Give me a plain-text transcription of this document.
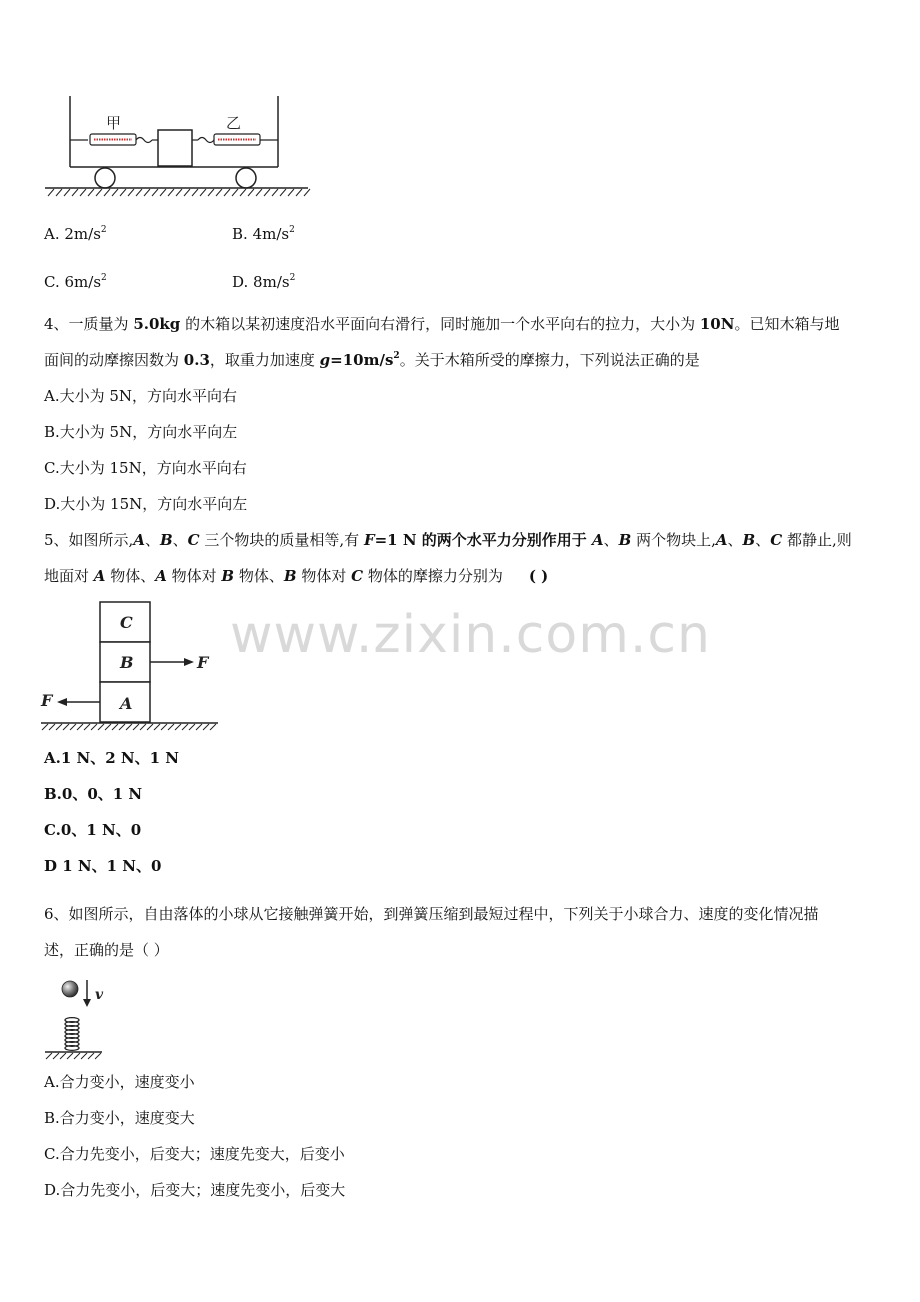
www.zixin.com.cn
甲	乙
A. $2m/s^2$	B. $4m/s^2$
C. $6m/s^2$	D. $8m/s^2$
4、一质量为 5.0kg 的木箱以某初速度沿水平面向右滑行，同时施加一个水平向右的拉力，大小为 10N。已知木箱与地
面间的动摩擦因数为 0.3，取重力加速度 $g=10m/s^2$。关于木箱所受的摩擦力，下列说法正确的是
A.大小为 5N，方向水平向右
B.大小为 5N，方向水平向左
C.大小为 15N，方向水平向右
D.大小为 15N，方向水平向左
5、如图所示,A、B、C 三个物块的质量相等,有 F=1 N 的两个水平力分别作用于 A、B 两个物块上,A、B、C 都静止,则
地面对 A 物体、A 物体对 B 物体、B 物体对 C 物体的摩擦力分别为 ( )
C
B
A
F
F
A.1 N、2 N、1 N
B.0、0、1 N
C.0、1 N、0
D 1 N、1 N、0
6、如图所示，自由落体的小球从它接触弹簧开始，到弹簧压缩到最短过程中，下列关于小球合力、速度的变化情况描
述，正确的是（ ）
v
A.合力变小，速度变小
B.合力变小，速度变大
C.合力先变小，后变大；速度先变大，后变小
D.合力先变小，后变大；速度先变小，后变大
